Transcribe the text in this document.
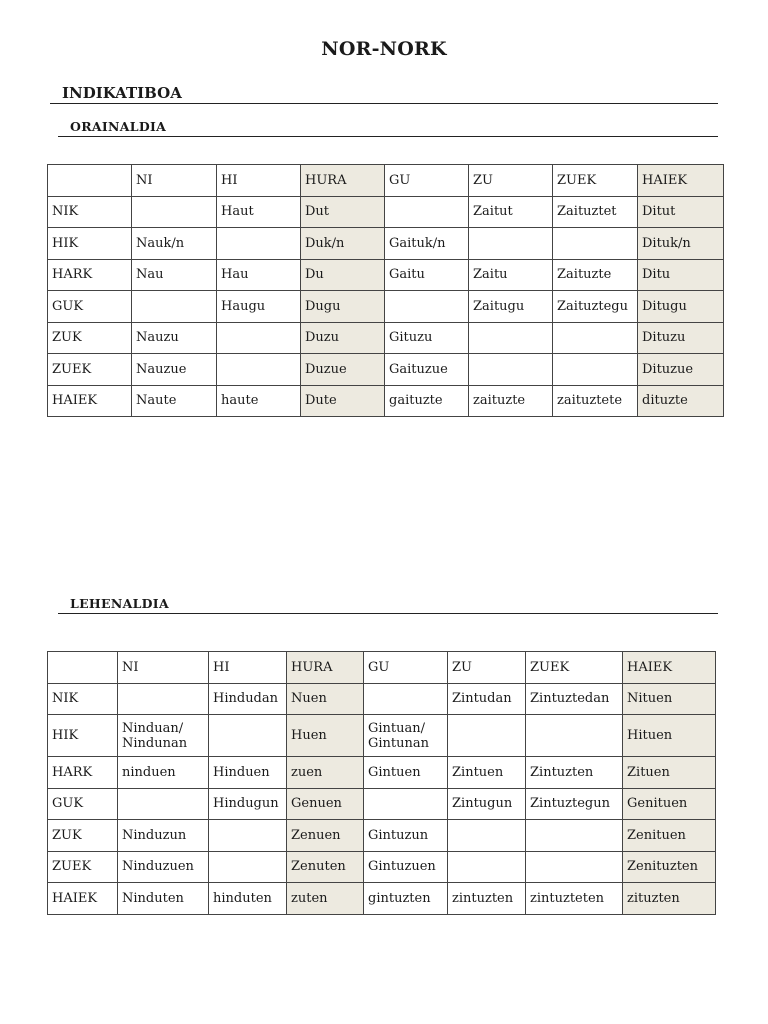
NOR-NORK
INDIKATIBOA
ORAINALDIA
	NI	HI	HURA	GU	ZU	ZUEK	HAIEK
NIK		Haut	Dut		Zaitut	Zaituztet	Ditut
HIK	Nauk/n		Duk/n	Gaituk/n			Dituk/n
HARK	Nau	Hau	Du	Gaitu	Zaitu	Zaituzte	Ditu
GUK		Haugu	Dugu		Zaitugu	Zaituztegu	Ditugu
ZUK	Nauzu		Duzu	Gituzu			Dituzu
ZUEK	Nauzue		Duzue	Gaituzue			Dituzue
HAIEK	Naute	haute	Dute	gaituzte	zaituzte	zaituztete	dituzte
LEHENALDIA
	NI	HI	HURA	GU	ZU	ZUEK	HAIEK
NIK		Hindudan	Nuen		Zintudan	Zintuztedan	Nituen
HIK	Ninduan/ Nindunan		Huen	Gintuan/ Gintunan			Hituen
HARK	ninduen	Hinduen	zuen	Gintuen	Zintuen	Zintuzten	Zituen
GUK		Hindugun	Genuen		Zintugun	Zintuztegun	Genituen
ZUK	Ninduzun		Zenuen	Gintuzun			Zenituen
ZUEK	Ninduzuen		Zenuten	Gintuzuen			Zenituzten
HAIEK	Ninduten	hinduten	zuten	gintuzten	zintuzten	zintuzteten	zituzten
